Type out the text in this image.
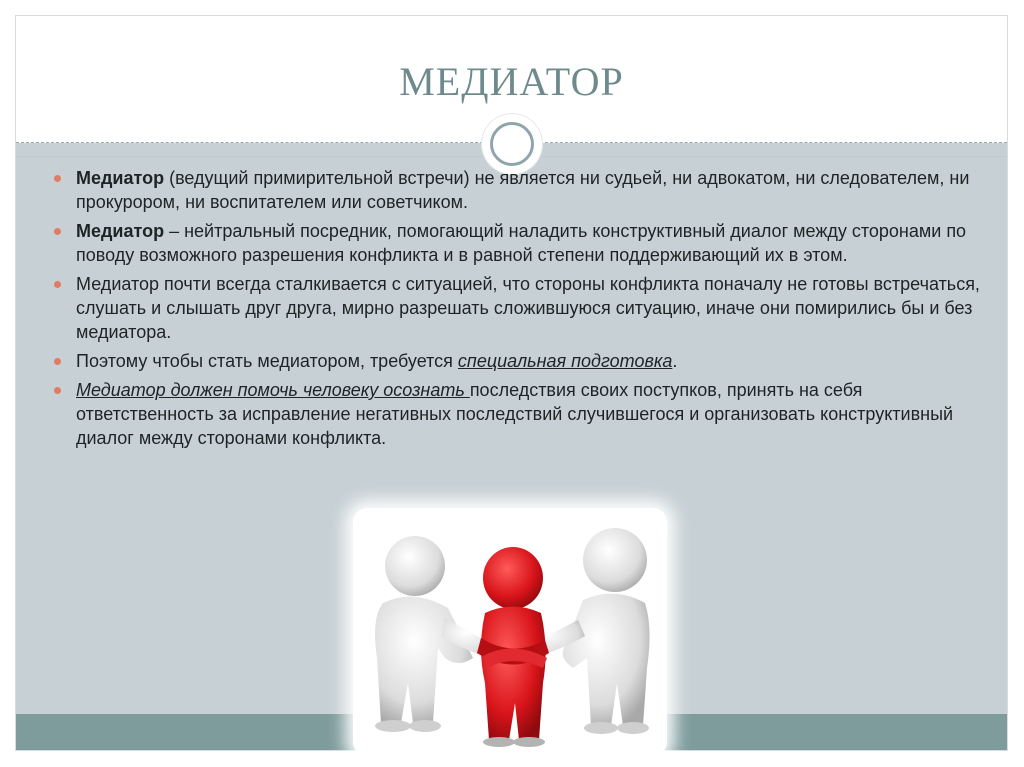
МЕДИАТОР
Медиатор (ведущий примирительной встречи) не является ни судьей, ни адвокатом, ни следователем, ни прокурором, ни воспитателем или советчиком.
Медиатор – нейтральный посредник, помогающий наладить конструктивный диалог между сторонами по поводу возможного разрешения конфликта и в равной степени поддерживающий их в этом.
Медиатор почти всегда сталкивается с ситуацией, что стороны конфликта поначалу не готовы встречаться, слушать и слышать друг друга, мирно разрешать сложившуюся ситуацию, иначе они помирились бы и без медиатора.
Поэтому чтобы стать медиатором, требуется специальная подготовка.
Медиатор должен помочь человеку осознать последствия своих поступков, принять на себя ответственность за исправление негативных последствий случившегося и организовать конструктивный диалог между сторонами конфликта.
